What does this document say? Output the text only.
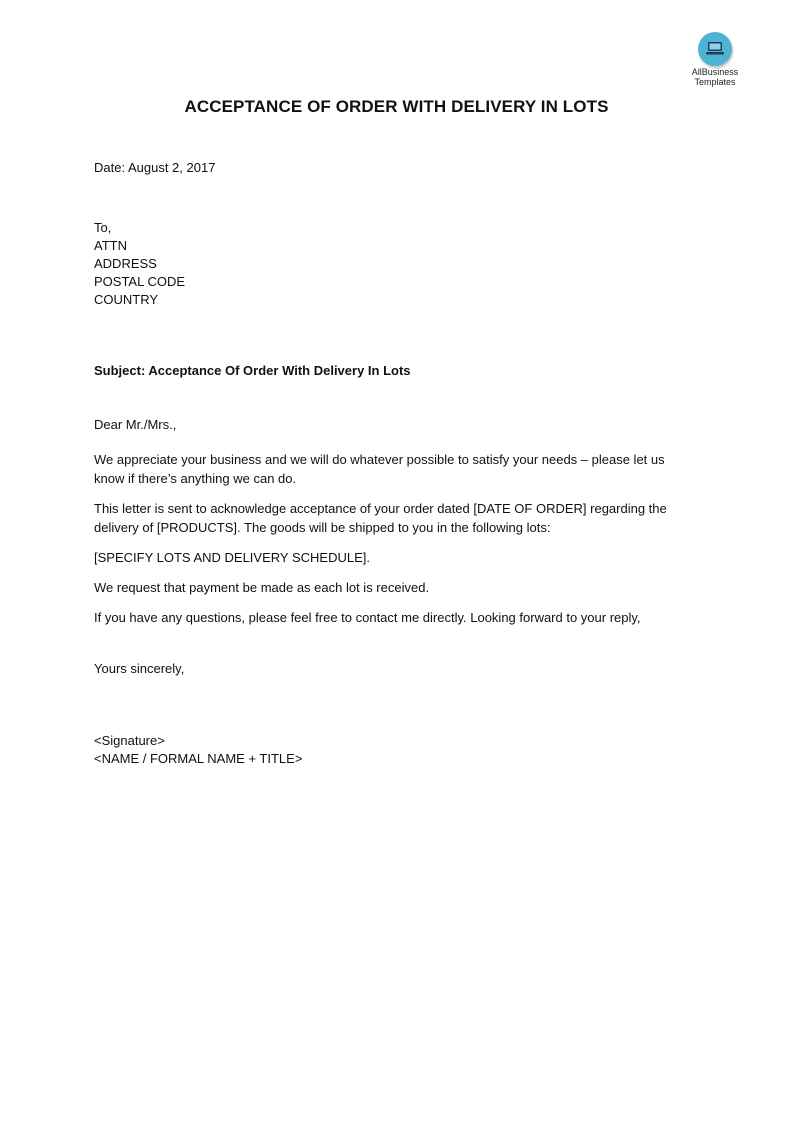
AllBusiness
Templates
ACCEPTANCE OF ORDER WITH DELIVERY IN LOTS
Date: August 2, 2017
To,
ATTN
ADDRESS
POSTAL CODE
COUNTRY
Subject: Acceptance Of Order With Delivery In Lots
Dear Mr./Mrs.,
We appreciate your business and we will do whatever possible to satisfy your needs – please let us know if there’s anything we can do.
This letter is sent to acknowledge acceptance of your order dated [DATE OF ORDER] regarding the delivery of [PRODUCTS]. The goods will be shipped to you in the following lots:
[SPECIFY LOTS AND DELIVERY SCHEDULE].
We request that payment be made as each lot is received.
If you have any questions, please feel free to contact me directly. Looking forward to your reply,
Yours sincerely,
<Signature>
<NAME / FORMAL NAME + TITLE>
